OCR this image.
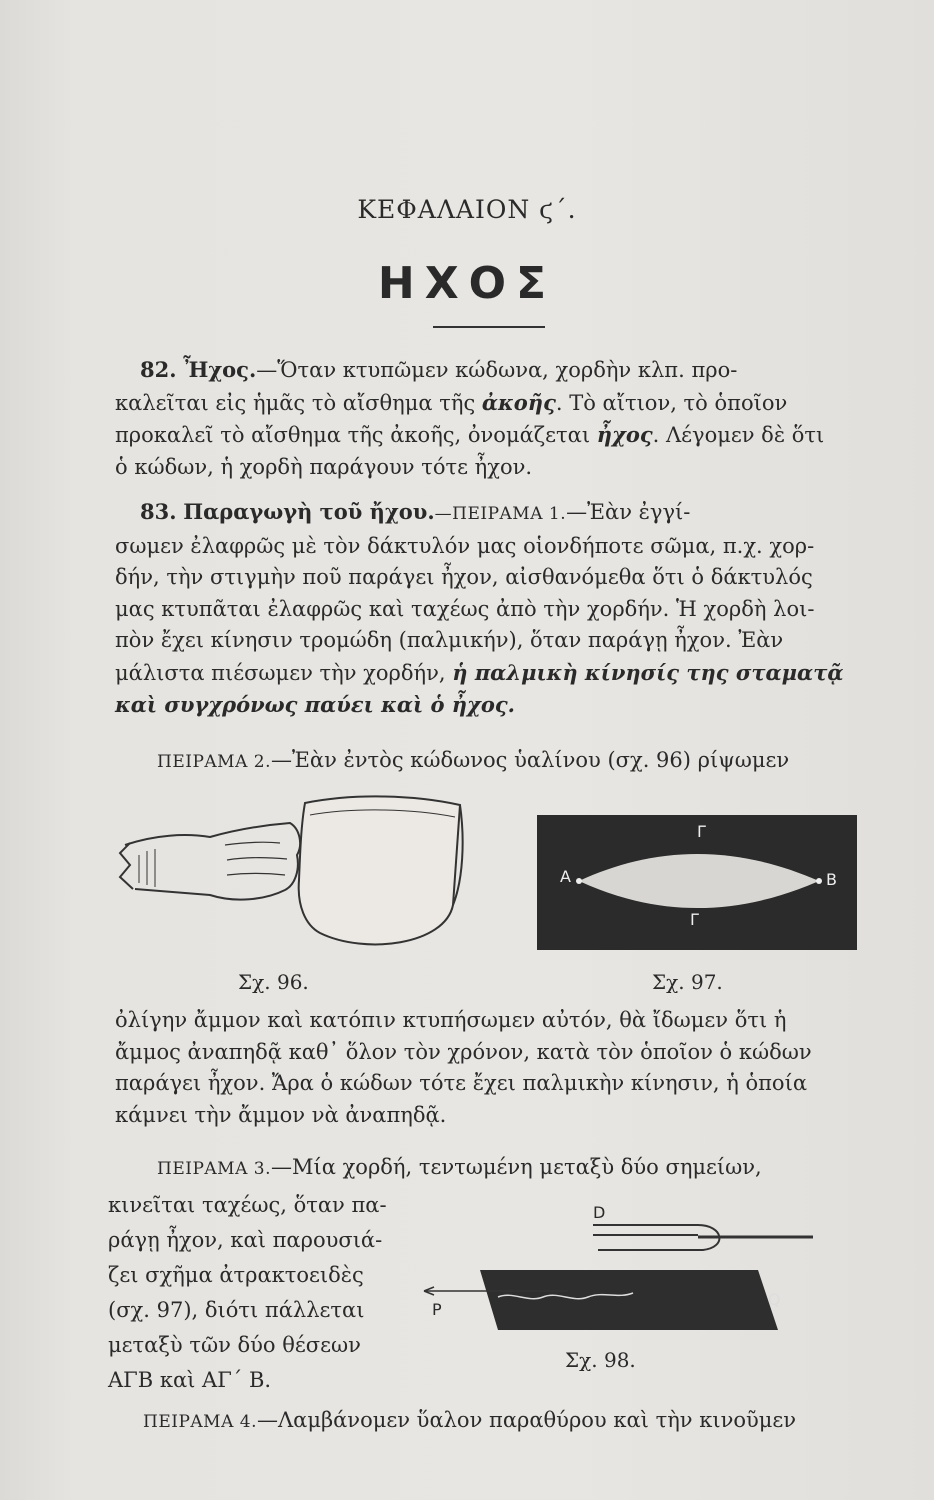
ΚΕΦΑΛΑΙΟΝ ϛ΄.
ΗΧΟΣ
82. Ἦχος.—Ὅταν κτυπῶμεν κώδωνα, χορδὴν κλπ. προ-
καλεῖται εἰς ἡμᾶς τὸ αἴσθημα τῆς ἀκοῆς. Τὸ αἴτιον, τὸ ὁποῖον
προκαλεῖ τὸ αἴσθημα τῆς ἀκοῆς, ὀνομάζεται ἦχος. Λέγομεν δὲ ὅτι
ὁ κώδων, ἡ χορδὴ παράγουν τότε ἦχον.
83. Παραγωγὴ τοῦ ἤχου.—ΠΕΙΡΑΜΑ 1.—Ἐὰν ἐγγί-
σωμεν ἐλαφρῶς μὲ τὸν δάκτυλόν μας οἱονδήποτε σῶμα, π.χ. χορ-
δήν, τὴν στιγμὴν ποῦ παράγει ἦχον, αἰσθανόμεθα ὅτι ὁ δάκτυλός
μας κτυπᾶται ἐλαφρῶς καὶ ταχέως ἀπὸ τὴν χορδήν. Ἡ χορδὴ λοι-
πὸν ἔχει κίνησιν τρομώδη (παλμικήν), ὅταν παράγῃ ἦχον. Ἐὰν
μάλιστα πιέσωμεν τὴν χορδήν, ἡ παλμικὴ κίνησίς της σταματᾷ
καὶ συγχρόνως παύει καὶ ὁ ἦχος.
ΠΕΙΡΑΜΑ 2.—Ἐὰν ἐντὸς κώδωνος ὑαλίνου (σχ. 96) ρίψωμεν
Σχ. 96.
Γ
Α	Β
Γ
Σχ. 97.
ὀλίγην ἄμμον καὶ κατόπιν κτυπήσωμεν αὐτόν, θὰ ἴδωμεν ὅτι ἡ
ἄμμος ἀναπηδᾷ καθ᾽ ὅλον τὸν χρόνον, κατὰ τὸν ὁποῖον ὁ κώδων
παράγει ἦχον. Ἄρα ὁ κώδων τότε ἔχει παλμικὴν κίνησιν, ἡ ὁποία
κάμνει τὴν ἄμμον νὰ ἀναπηδᾷ.
ΠΕΙΡΑΜΑ 3.—Μία χορδή, τεντωμένη μεταξὺ δύο σημείων,
κινεῖται ταχέως, ὅταν πα-
ράγῃ ἦχον, καὶ παρουσιά-
ζει σχῆμα ἀτρακτοειδὲς
(σχ. 97), διότι πάλλεται
μεταξὺ τῶν δύο θέσεων
ΑΓΒ καὶ ΑΓ΄ Β.
D
P
Q
Σχ. 98.
ΠΕΙΡΑΜΑ 4.—Λαμβάνομεν ὕαλον παραθύρου καὶ τὴν κινοῦμεν
